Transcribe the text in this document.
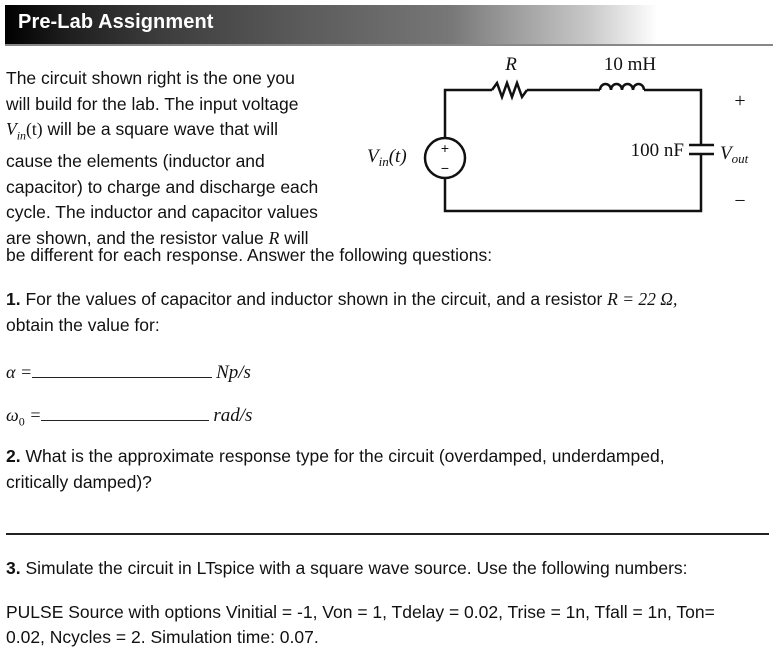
Pre-Lab Assignment
The circuit shown right is the one you
will build for the lab. The input voltage
$V_{in}(t)$ will be a square wave that will
cause the elements (inductor and
capacitor) to charge and discharge each
cycle. The inductor and capacitor values
are shown, and the resistor value R will
be different for each response. Answer the following questions:
R	10 mH
100 nF
$V_{in}(t)$	$V_{out}$
+
−
+
−
1. For the values of capacitor and inductor shown in the circuit, and a resistor R = 22 Ω,
obtain the value for:
α =	Np/s
$\omega_0$ =	rad/s
2. What is the approximate response type for the circuit (overdamped, underdamped,
critically damped)?
3. Simulate the circuit in LTspice with a square wave source. Use the following numbers:
PULSE Source with options Vinitial = -1, Von = 1, Tdelay = 0.02, Trise = 1n, Tfall = 1n, Ton=
0.02, Ncycles = 2. Simulation time: 0.07.
